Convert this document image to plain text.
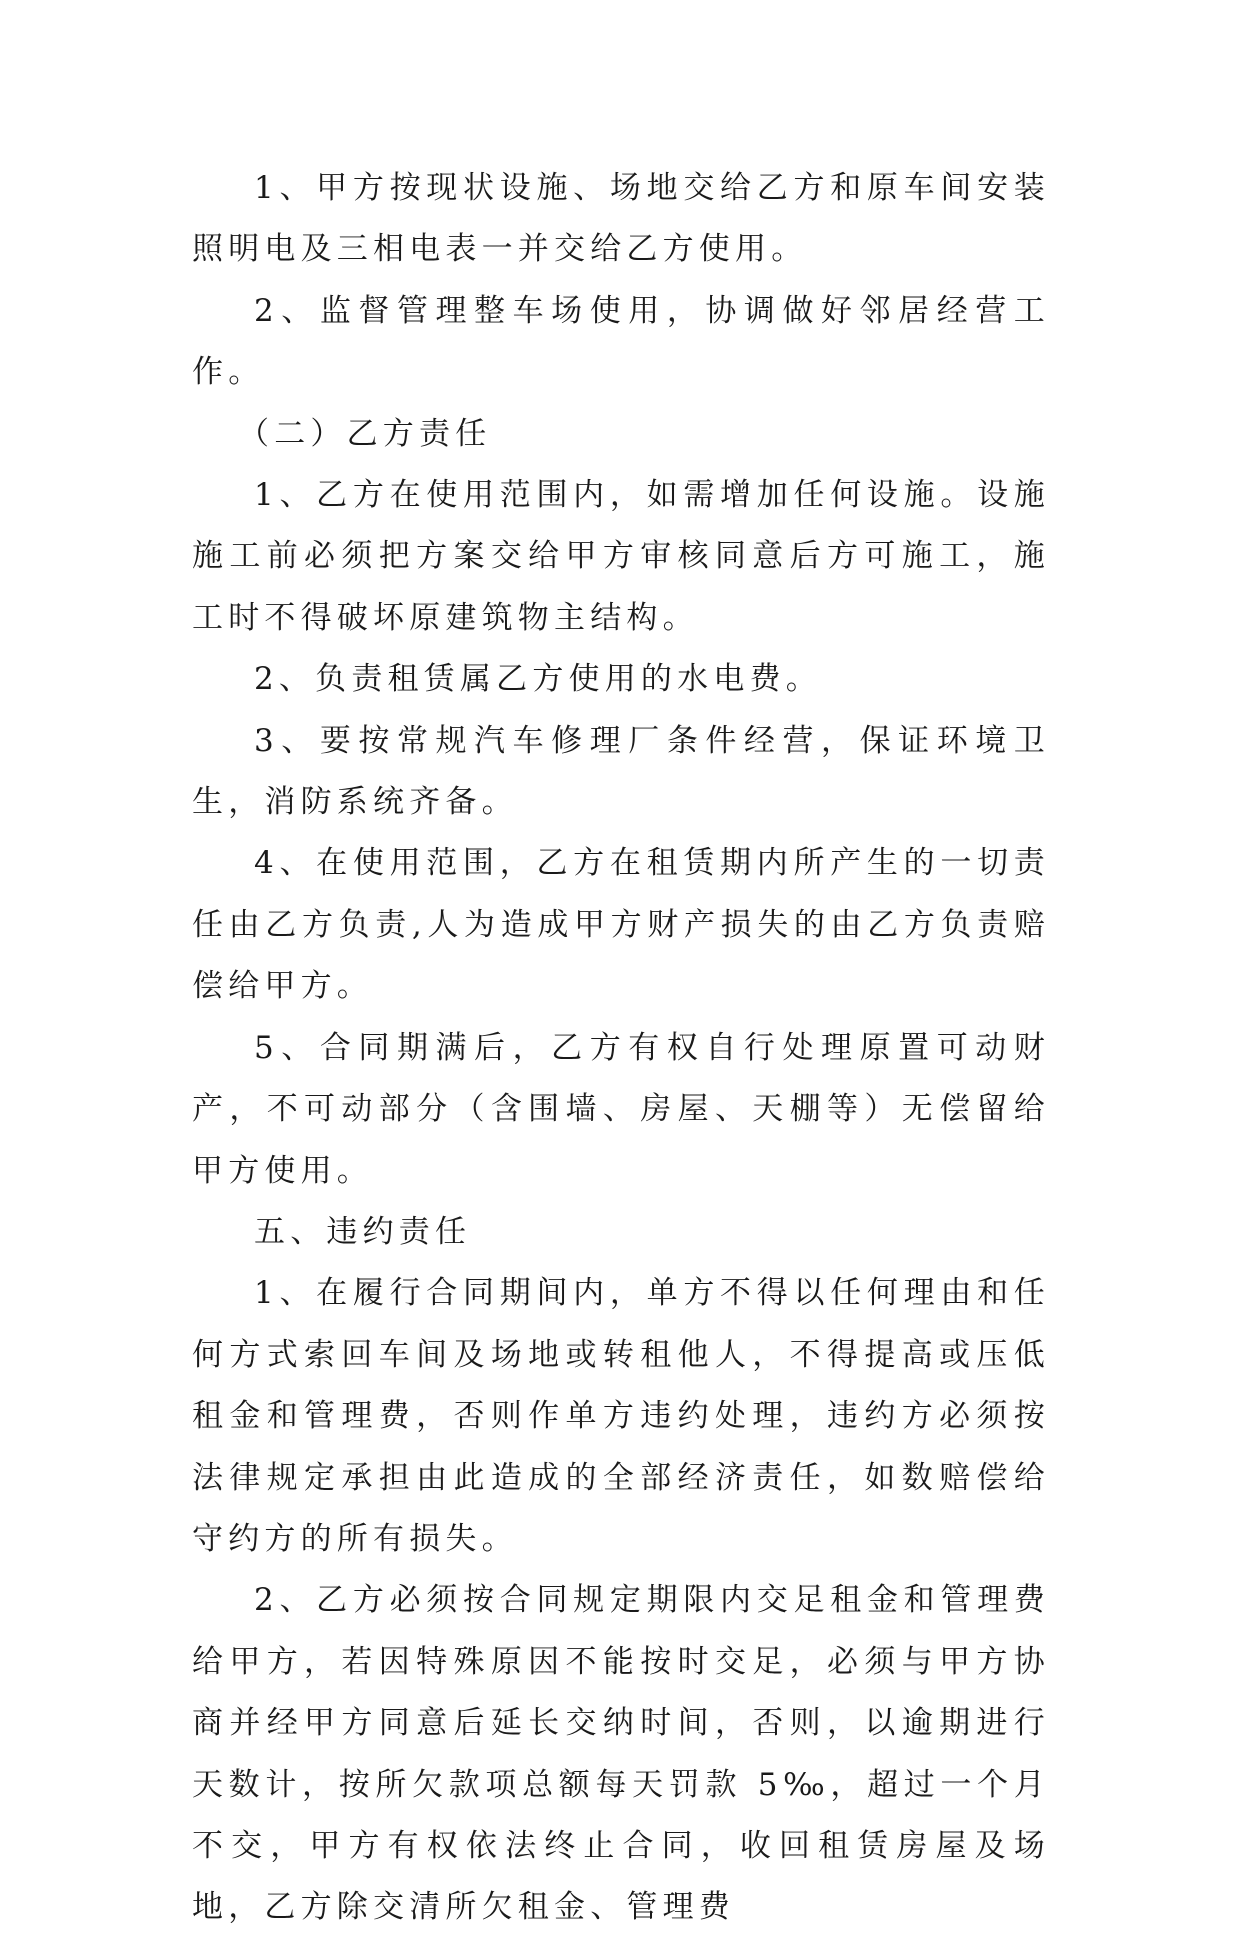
1、甲方按现状设施、场地交给乙方和原车间安装照明电及三相电表一并交给乙方使用。

2、监督管理整车场使用，协调做好邻居经营工作。

（二）乙方责任

1、乙方在使用范围内，如需增加任何设施。设施施工前必须把方案交给甲方审核同意后方可施工，施工时不得破坏原建筑物主结构。

2、负责租赁属乙方使用的水电费。

3、要按常规汽车修理厂条件经营，保证环境卫生，消防系统齐备。

4、在使用范围，乙方在租赁期内所产生的一切责任由乙方负责,人为造成甲方财产损失的由乙方负责赔偿给甲方。

5、合同期满后，乙方有权自行处理原置可动财产，不可动部分（含围墙、房屋、天棚等）无偿留给甲方使用。

五、违约责任

1、在履行合同期间内，单方不得以任何理由和任何方式索回车间及场地或转租他人，不得提高或压低租金和管理费，否则作单方违约处理，违约方必须按法律规定承担由此造成的全部经济责任，如数赔偿给守约方的所有损失。

2、乙方必须按合同规定期限内交足租金和管理费给甲方，若因特殊原因不能按时交足，必须与甲方协商并经甲方同意后延长交纳时间，否则，以逾期进行天数计，按所欠款项总额每天罚款 5‰，超过一个月不交，甲方有权依法终止合同，收回租赁房屋及场地，乙方除交清所欠租金、管理费
